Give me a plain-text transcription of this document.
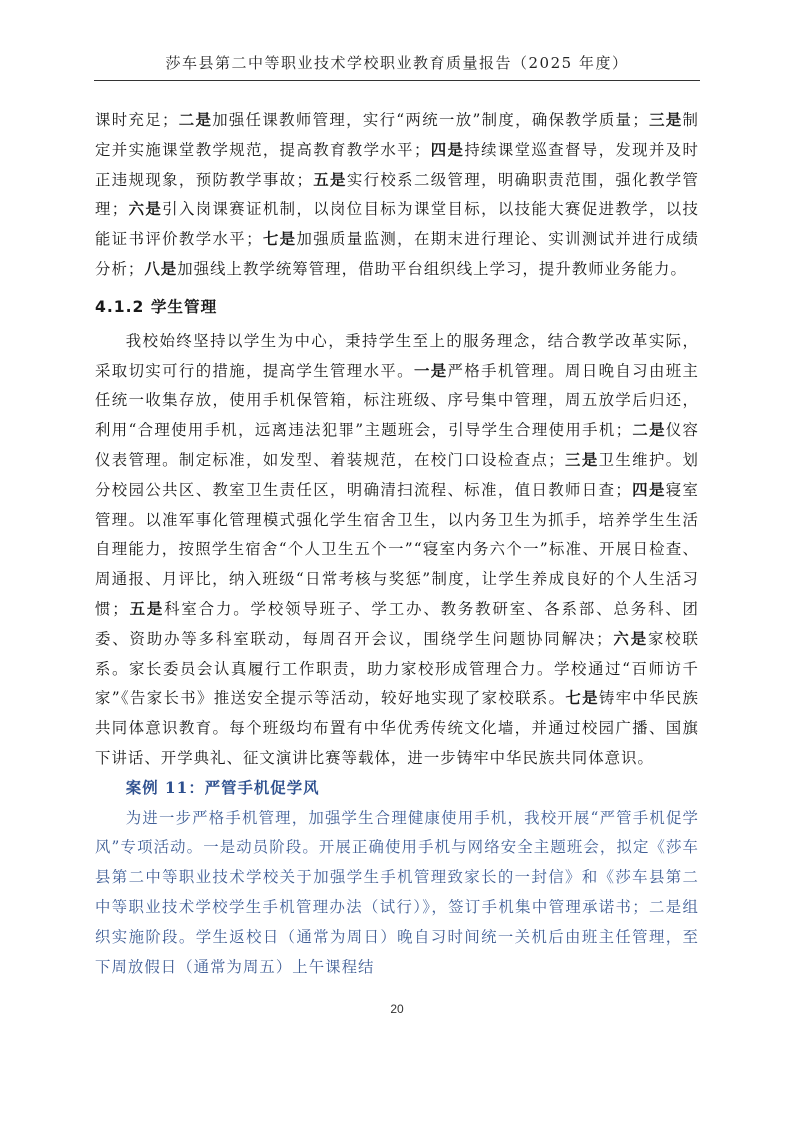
莎车县第二中等职业技术学校职业教育质量报告（2025 年度）

课时充足；二是加强任课教师管理，实行“两统一放”制度，确保教学质量；三是制定并实施课堂教学规范，提高教育教学水平；四是持续课堂巡查督导，发现并及时正违规现象，预防教学事故；五是实行校系二级管理，明确职责范围，强化教学管理；六是引入岗课赛证机制，以岗位目标为课堂目标，以技能大赛促进教学，以技能证书评价教学水平；七是加强质量监测，在期末进行理论、实训测试并进行成绩分析；八是加强线上教学统筹管理，借助平台组织线上学习，提升教师业务能力。

4.1.2 学生管理

我校始终坚持以学生为中心，秉持学生至上的服务理念，结合教学改革实际，采取切实可行的措施，提高学生管理水平。一是严格手机管理。周日晚自习由班主任统一收集存放，使用手机保管箱，标注班级、序号集中管理，周五放学后归还，利用“合理使用手机，远离违法犯罪”主题班会，引导学生合理使用手机；二是仪容仪表管理。制定标准，如发型、着装规范，在校门口设检查点；三是卫生维护。划分校园公共区、教室卫生责任区，明确清扫流程、标准，值日教师日查；四是寝室管理。以准军事化管理模式强化学生宿舍卫生，以内务卫生为抓手，培养学生生活自理能力，按照学生宿舍“个人卫生五个一”“寝室内务六个一”标准、开展日检查、周通报、月评比，纳入班级“日常考核与奖惩”制度，让学生养成良好的个人生活习惯；五是科室合力。学校领导班子、学工办、教务教研室、各系部、总务科、团委、资助办等多科室联动，每周召开会议，围绕学生问题协同解决；六是家校联系。家长委员会认真履行工作职责，助力家校形成管理合力。学校通过“百师访千家”《告家长书》推送安全提示等活动，较好地实现了家校联系。七是铸牢中华民族共同体意识教育。每个班级均布置有中华优秀传统文化墙，并通过校园广播、国旗下讲话、开学典礼、征文演讲比赛等载体，进一步铸牢中华民族共同体意识。

案例 11：严管手机促学风

为进一步严格手机管理，加强学生合理健康使用手机，我校开展“严管手机促学风”专项活动。一是动员阶段。开展正确使用手机与网络安全主题班会，拟定《莎车县第二中等职业技术学校关于加强学生手机管理致家长的一封信》和《莎车县第二中等职业技术学校学生手机管理办法（试行）》，签订手机集中管理承诺书；二是组织实施阶段。学生返校日（通常为周日）晚自习时间统一关机后由班主任管理，至下周放假日（通常为周五）上午课程结

20
